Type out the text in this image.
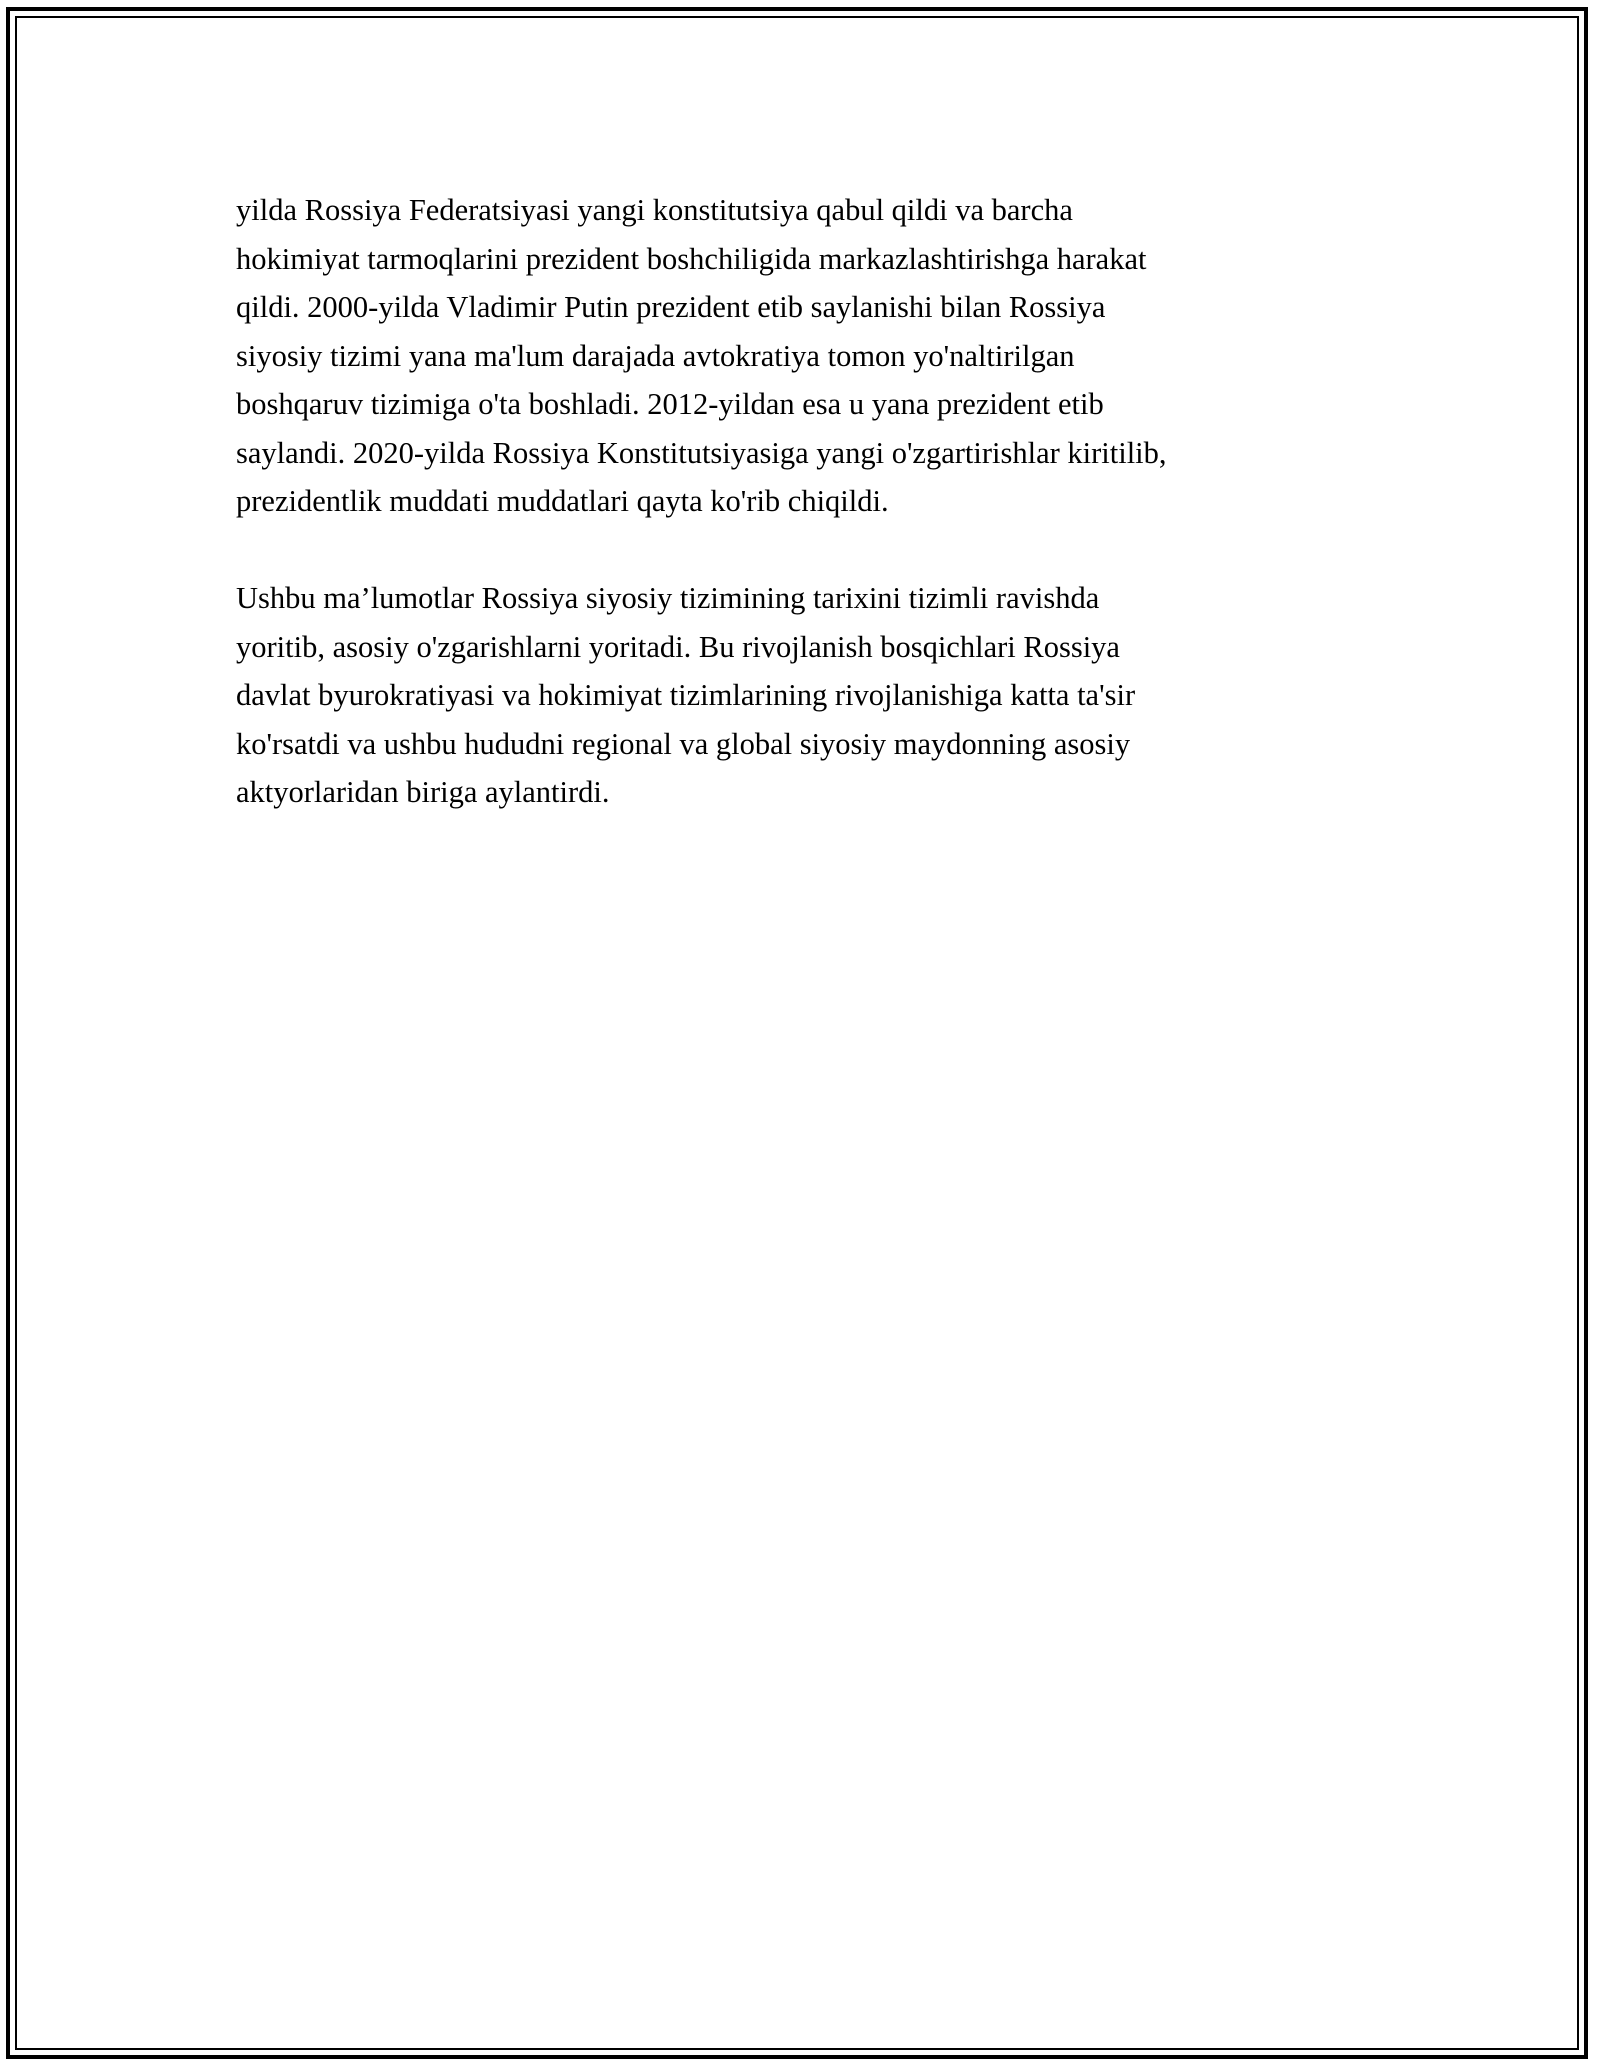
yilda Rossiya Federatsiyasi yangi konstitutsiya qabul qildi va barcha
hokimiyat tarmoqlarini prezident boshchiligida markazlashtirishga harakat
qildi. 2000-yilda Vladimir Putin prezident etib saylanishi bilan Rossiya
siyosiy tizimi yana ma'lum darajada avtokratiya tomon yo'naltirilgan
boshqaruv tizimiga o'ta boshladi. 2012-yildan esa u yana prezident etib
saylandi. 2020-yilda Rossiya Konstitutsiyasiga yangi o'zgartirishlar kiritilib,
prezidentlik muddati muddatlari qayta ko'rib chiqildi.

Ushbu ma’lumotlar Rossiya siyosiy tizimining tarixini tizimli ravishda
yoritib, asosiy o'zgarishlarni yoritadi. Bu rivojlanish bosqichlari Rossiya
davlat byurokratiyasi va hokimiyat tizimlarining rivojlanishiga katta ta'sir
ko'rsatdi va ushbu hududni regional va global siyosiy maydonning asosiy
aktyorlaridan biriga aylantirdi.
